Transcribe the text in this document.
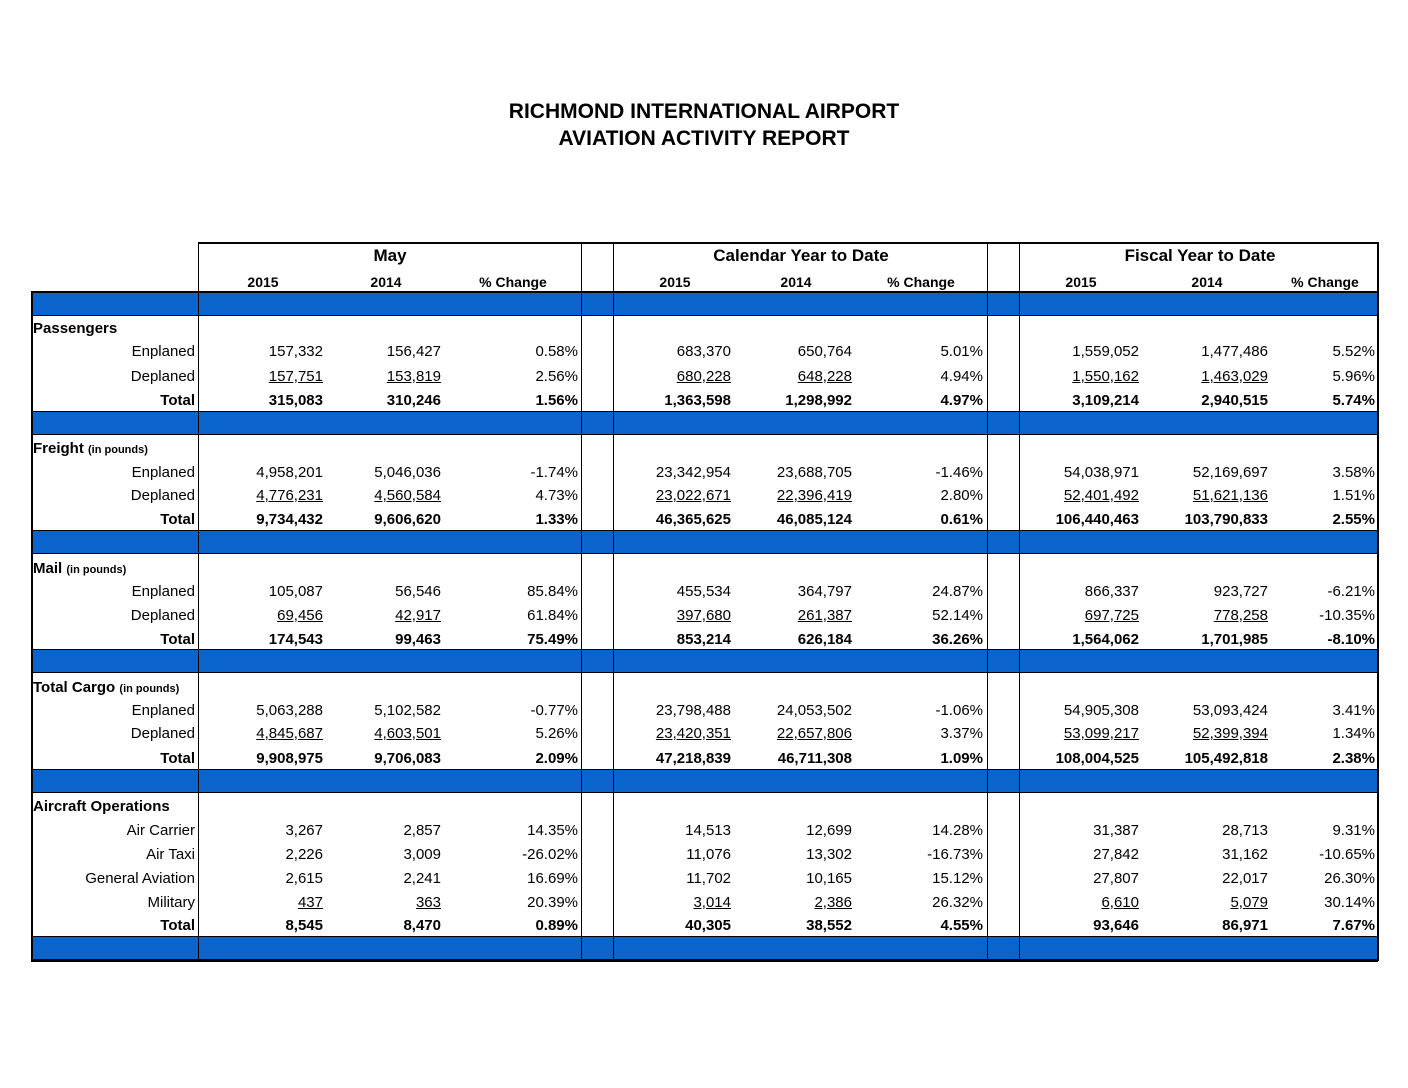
RICHMOND INTERNATIONAL AIRPORT
AVIATION ACTIVITY REPORT
May	Calendar Year to Date	Fiscal Year to Date
2015	2014	% Change	2015	2014	% Change	2015	2014	% Change
Passengers
Enplaned	157,332	156,427	0.58%	683,370	650,764	5.01%	1,559,052	1,477,486	5.52%
Deplaned	157,751	153,819	2.56%	680,228	648,228	4.94%	1,550,162	1,463,029	5.96%
Total	315,083	310,246	1.56%	1,363,598	1,298,992	4.97%	3,109,214	2,940,515	5.74%
Freight (in pounds)
Enplaned	4,958,201	5,046,036	-1.74%	23,342,954	23,688,705	-1.46%	54,038,971	52,169,697	3.58%
Deplaned	4,776,231	4,560,584	4.73%	23,022,671	22,396,419	2.80%	52,401,492	51,621,136	1.51%
Total	9,734,432	9,606,620	1.33%	46,365,625	46,085,124	0.61%	106,440,463	103,790,833	2.55%
Mail (in pounds)
Enplaned	105,087	56,546	85.84%	455,534	364,797	24.87%	866,337	923,727	-6.21%
Deplaned	69,456	42,917	61.84%	397,680	261,387	52.14%	697,725	778,258	-10.35%
Total	174,543	99,463	75.49%	853,214	626,184	36.26%	1,564,062	1,701,985	-8.10%
Total Cargo (in pounds)
Enplaned	5,063,288	5,102,582	-0.77%	23,798,488	24,053,502	-1.06%	54,905,308	53,093,424	3.41%
Deplaned	4,845,687	4,603,501	5.26%	23,420,351	22,657,806	3.37%	53,099,217	52,399,394	1.34%
Total	9,908,975	9,706,083	2.09%	47,218,839	46,711,308	1.09%	108,004,525	105,492,818	2.38%
Aircraft Operations
Air Carrier	3,267	2,857	14.35%	14,513	12,699	14.28%	31,387	28,713	9.31%
Air Taxi	2,226	3,009	-26.02%	11,076	13,302	-16.73%	27,842	31,162	-10.65%
General Aviation	2,615	2,241	16.69%	11,702	10,165	15.12%	27,807	22,017	26.30%
Military	437	363	20.39%	3,014	2,386	26.32%	6,610	5,079	30.14%
Total	8,545	8,470	0.89%	40,305	38,552	4.55%	93,646	86,971	7.67%
